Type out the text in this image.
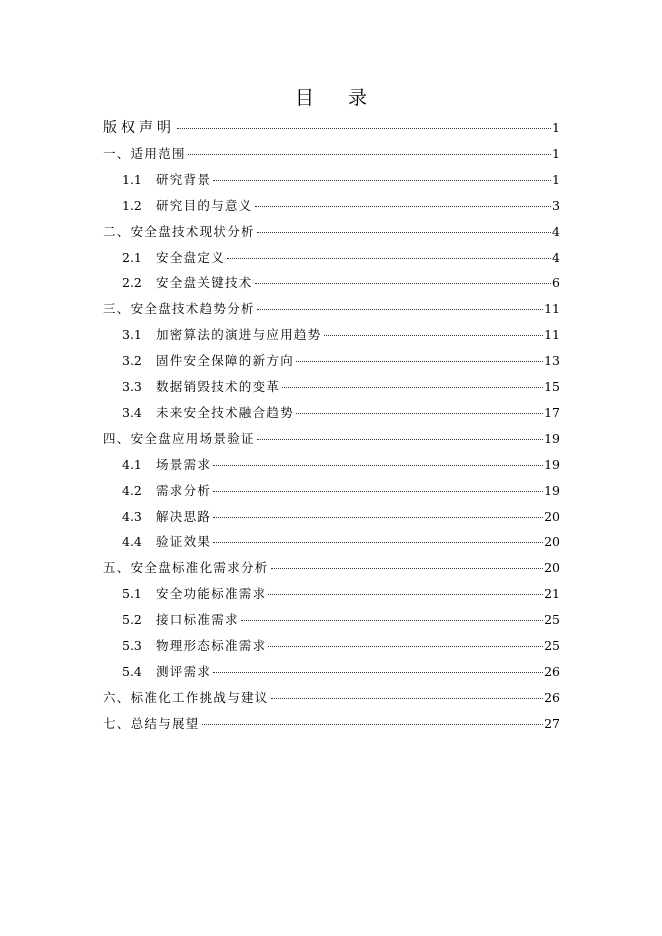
目 录
版权声明	1
一、适用范围	1
1.1	研究背景	1
1.2	研究目的与意义	3
二、安全盘技术现状分析	4
2.1	安全盘定义	4
2.2	安全盘关键技术	6
三、安全盘技术趋势分析	11
3.1	加密算法的演进与应用趋势	11
3.2	固件安全保障的新方向	13
3.3	数据销毁技术的变革	15
3.4	未来安全技术融合趋势	17
四、安全盘应用场景验证	19
4.1	场景需求	19
4.2	需求分析	19
4.3	解决思路	20
4.4	验证效果	20
五、安全盘标准化需求分析	20
5.1	安全功能标准需求	21
5.2	接口标准需求	25
5.3	物理形态标准需求	25
5.4	测评需求	26
六、标准化工作挑战与建议	26
七、总结与展望	27
